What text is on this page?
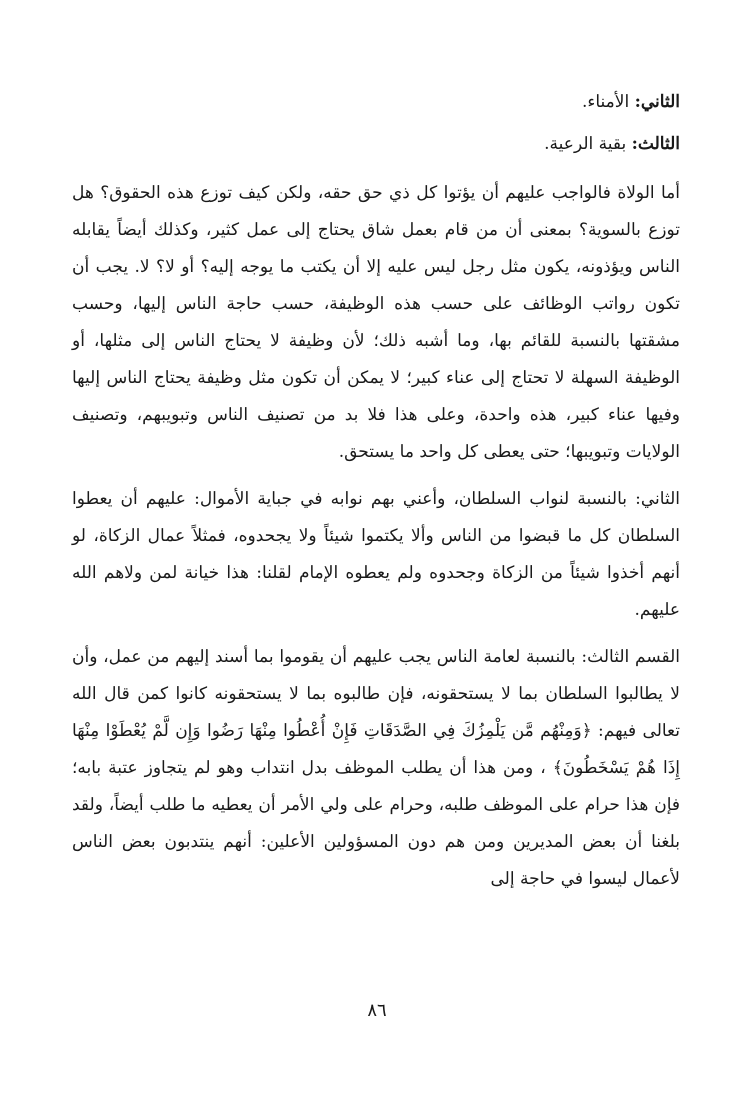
الثاني: الأمناء.
الثالث: بقية الرعية.

أما الولاة فالواجب عليهم أن يؤتوا كل ذي حق حقه، ولكن كيف توزع هذه الحقوق؟ هل توزع بالسوية؟ بمعنى أن من قام بعمل شاق يحتاج إلى عمل كثير، وكذلك أيضاً يقابله الناس ويؤذونه، يكون مثل رجل ليس عليه إلا أن يكتب ما يوجه إليه؟ أو لا؟ لا. يجب أن تكون رواتب الوظائف على حسب هذه الوظيفة، حسب حاجة الناس إليها، وحسب مشقتها بالنسبة للقائم بها، وما أشبه ذلك؛ لأن وظيفة لا يحتاج الناس إلى مثلها، أو الوظيفة السهلة لا تحتاج إلى عناء كبير؛ لا يمكن أن تكون مثل وظيفة يحتاج الناس إليها وفيها عناء كبير، هذه واحدة، وعلى هذا فلا بد من تصنيف الناس وتبويبهم، وتصنيف الولايات وتبويبها؛ حتى يعطى كل واحد ما يستحق.

الثاني: بالنسبة لنواب السلطان، وأعني بهم نوابه في جباية الأموال: عليهم أن يعطوا السلطان كل ما قبضوا من الناس وألا يكتموا شيئاً ولا يجحدوه، فمثلاً عمال الزكاة، لو أنهم أخذوا شيئاً من الزكاة وجحدوه ولم يعطوه الإمام لقلنا: هذا خيانة لمن ولاهم الله عليهم.

القسم الثالث: بالنسبة لعامة الناس يجب عليهم أن يقوموا بما أسند إليهم من عمل، وأن لا يطالبوا السلطان بما لا يستحقونه، فإن طالبوه بما لا يستحقونه كانوا كمن قال الله تعالى فيهم: ﴿وَمِنْهُم مَّن يَلْمِزُكَ فِي الصَّدَقَاتِ فَإِنْ أُعْطُوا مِنْهَا رَضُوا وَإِن لَّمْ يُعْطَوْا مِنْهَا إِذَا هُمْ يَسْخَطُونَ﴾ ، ومن هذا أن يطلب الموظف بدل انتداب وهو لم يتجاوز عتبة بابه؛ فإن هذا حرام على الموظف طلبه، وحرام على ولي الأمر أن يعطيه ما طلب أيضاً، ولقد بلغنا أن بعض المديرين ومن هم دون المسؤولين الأعلين: أنهم ينتدبون بعض الناس لأعمال ليسوا في حاجة إلى

٨٦
